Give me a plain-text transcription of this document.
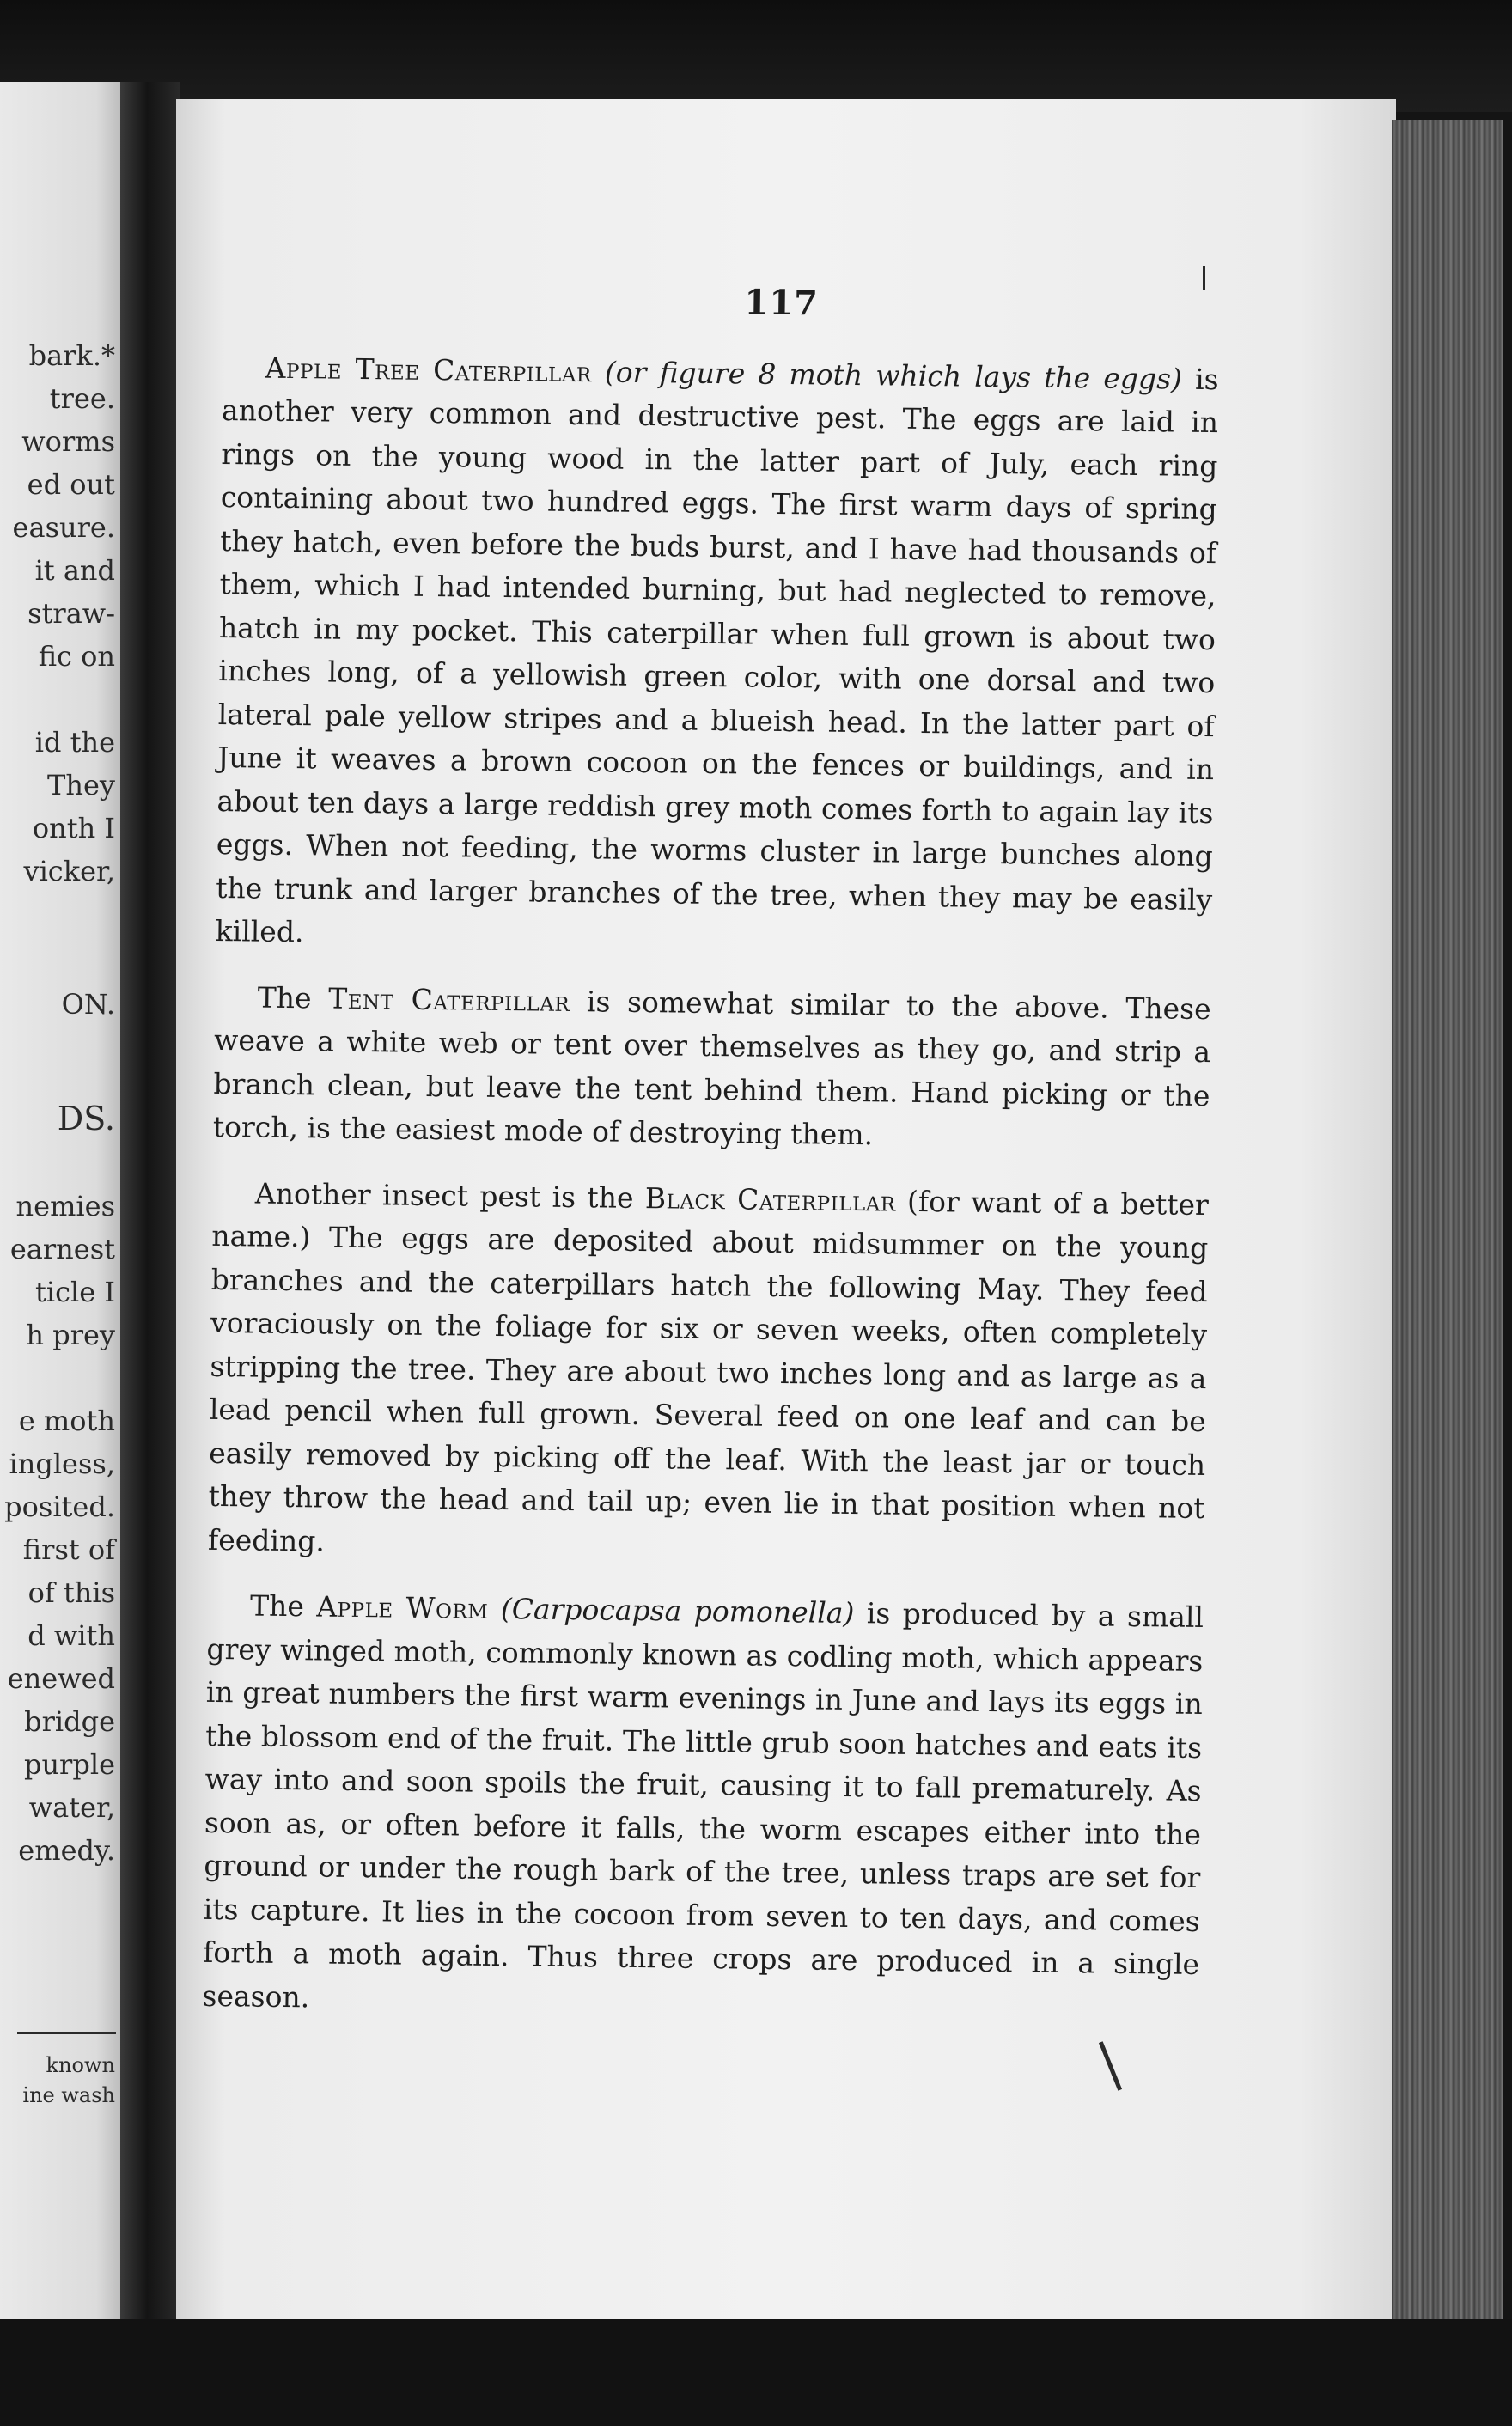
bark.*
tree.
worms
ed out
easure.
it and
straw-
fic on
id the
They
onth I
vicker,
ON.
DS.
nemies
earnest
ticle I
h prey
e moth
ingless,
posited.
first of
of this
d with
enewed
bridge
purple
water,
emedy.
known
ine wash
117

Apple Tree Caterpillar (or figure 8 moth which lays the eggs) is another very common and destructive pest. The eggs are laid in rings on the young wood in the latter part of July, each ring containing about two hundred eggs. The first warm days of spring they hatch, even before the buds burst, and I have had thousands of them, which I had intended burning, but had neglected to remove, hatch in my pocket. This caterpillar when full grown is about two inches long, of a yellowish green color, with one dorsal and two lateral pale yellow stripes and a blueish head. In the latter part of June it weaves a brown cocoon on the fences or buildings, and in about ten days a large reddish grey moth comes forth to again lay its eggs. When not feeding, the worms cluster in large bunches along the trunk and larger branches of the tree, when they may be easily killed.

The Tent Caterpillar is somewhat similar to the above. These weave a white web or tent over themselves as they go, and strip a branch clean, but leave the tent behind them. Hand picking or the torch, is the easiest mode of destroying them.

Another insect pest is the Black Caterpillar (for want of a better name.) The eggs are deposited about midsummer on the young branches and the caterpillars hatch the following May. They feed voraciously on the foliage for six or seven weeks, often completely stripping the tree. They are about two inches long and as large as a lead pencil when full grown. Several feed on one leaf and can be easily removed by picking off the leaf. With the least jar or touch they throw the head and tail up; even lie in that position when not feeding.

The Apple Worm (Carpocapsa pomonella) is produced by a small grey winged moth, commonly known as codling moth, which appears in great numbers the first warm evenings in June and lays its eggs in the blossom end of the fruit. The little grub soon hatches and eats its way into and soon spoils the fruit, causing it to fall prematurely. As soon as, or often before it falls, the worm escapes either into the ground or under the rough bark of the tree, unless traps are set for its capture. It lies in the cocoon from seven to ten days, and comes forth a moth again. Thus three crops are produced in a single season.
